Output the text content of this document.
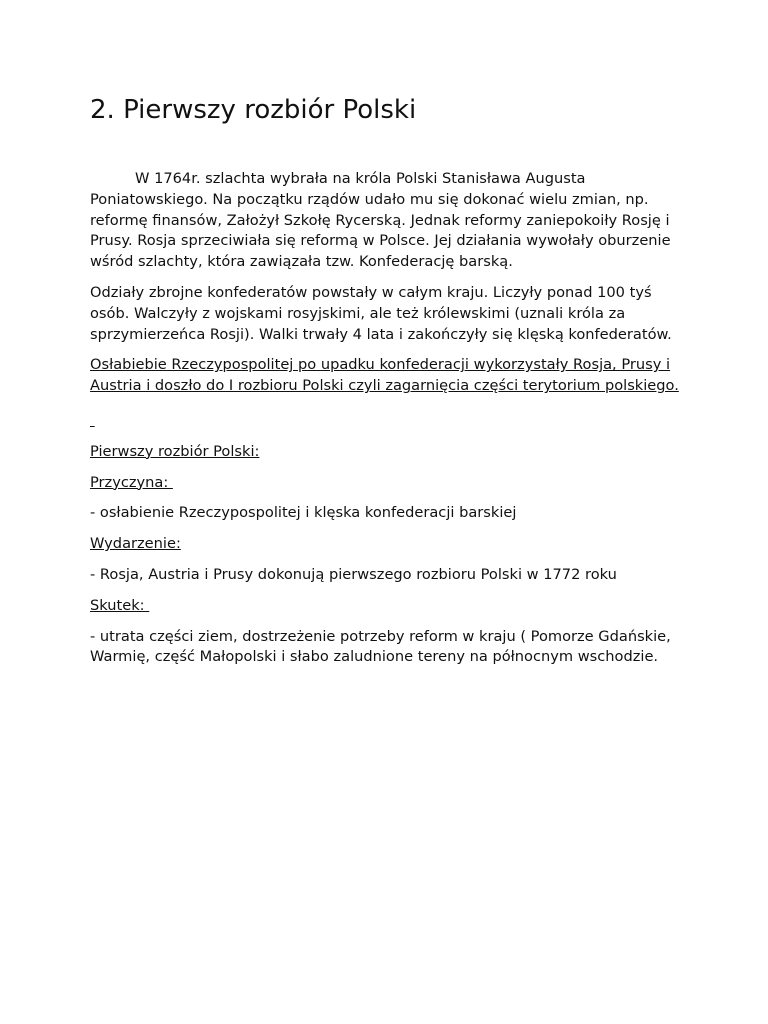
2. Pierwszy rozbiór Polski

W 1764r. szlachta wybrała na króla Polski Stanisława Augusta Poniatowskiego. Na początku rządów udało mu się dokonać wielu zmian, np. reformę finansów, Założył Szkołę Rycerską. Jednak reformy zaniepokoiły Rosję i Prusy. Rosja sprzeciwiała się reformą w Polsce. Jej działania wywołały oburzenie wśród szlachty, która zawiązała tzw. Konfederację barską.

Odziały zbrojne konfederatów powstały w całym kraju. Liczyły ponad 100 tyś osób. Walczyły z wojskami rosyjskimi, ale też królewskimi (uznali króla za sprzymierzeńca Rosji). Walki trwały 4 lata i zakończyły się klęską konfederatów.

Osłabiebie Rzeczypospolitej po upadku konfederacji wykorzystały Rosja, Prusy i Austria i doszło do I rozbioru Polski czyli zagarnięcia części terytorium polskiego.

Pierwszy rozbiór Polski:

Przyczyna:

- osłabienie Rzeczypospolitej i klęska konfederacji barskiej

Wydarzenie:

- Rosja, Austria i Prusy dokonują pierwszego rozbioru Polski w 1772 roku

Skutek:

- utrata części ziem, dostrzeżenie potrzeby reform w kraju ( Pomorze Gdańskie, Warmię, część Małopolski i słabo zaludnione tereny na północnym wschodzie.
